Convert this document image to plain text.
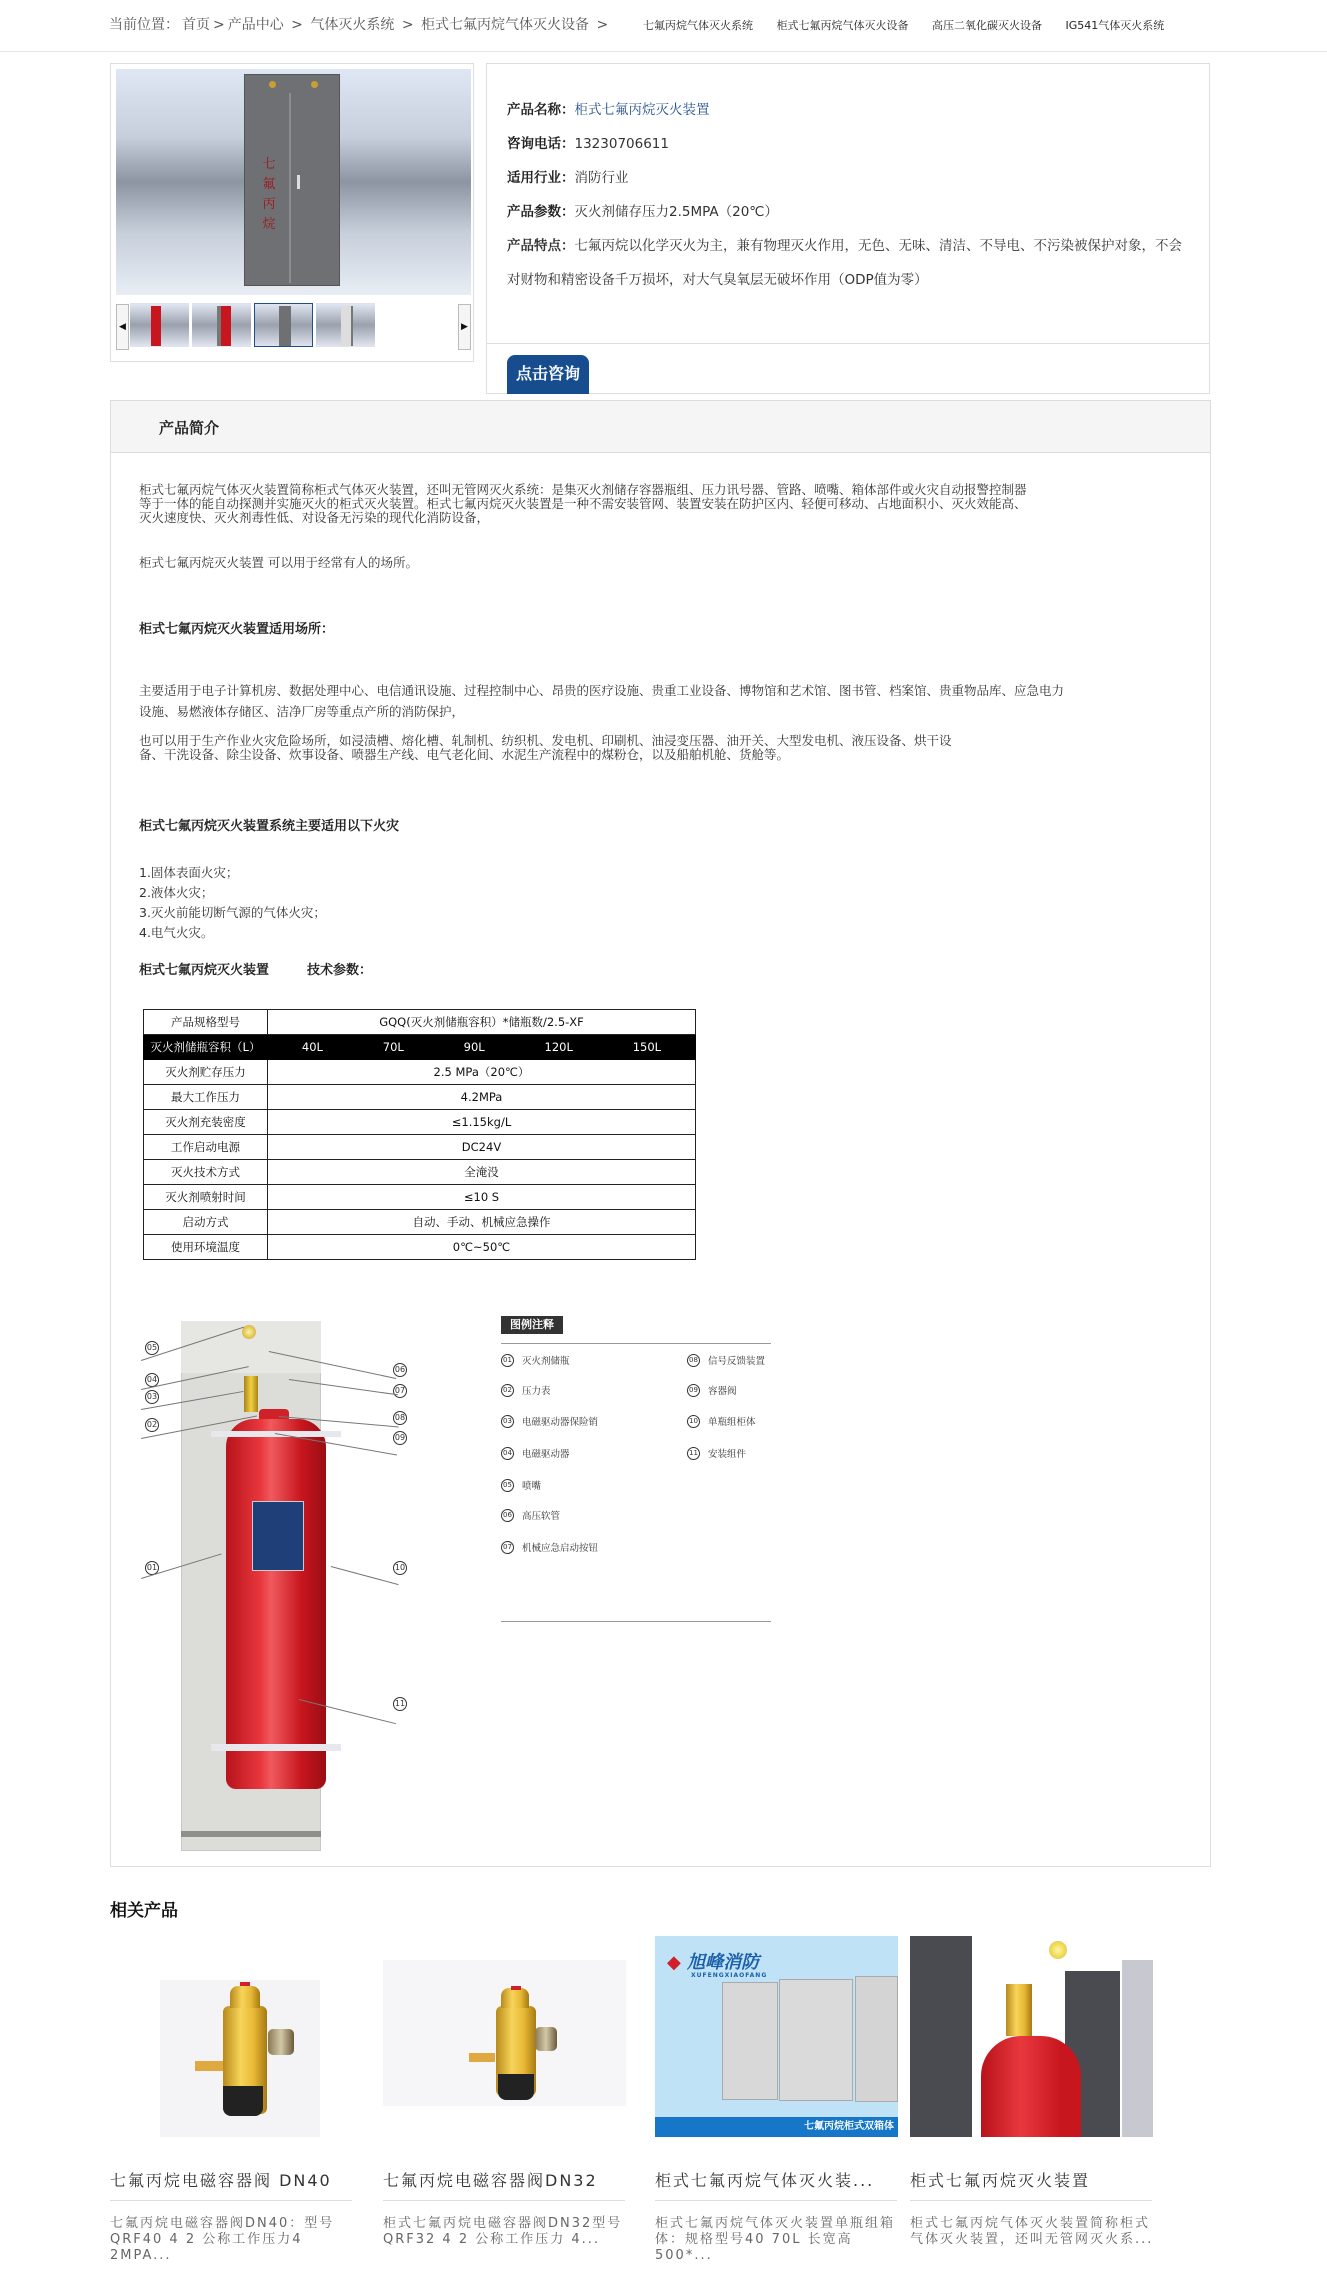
当前位置： 首页 > 产品中心 > 气体灭火系统 > 柜式七氟丙烷气体灭火设备 >	七氟丙烷气体灭火系统 柜式七氟丙烷气体灭火设备 高压二氧化碳灭火设备 IG541气体灭火系统
七
氟
丙
烷
◀	▶
产品名称：柜式七氟丙烷灭火装置
咨询电话：13230706611
适用行业：消防行业
产品参数：灭火剂储存压力2.5MPA（20℃）
产品特点：七氟丙烷以化学灭火为主，兼有物理灭火作用，无色、无味、清洁、不导电、不污染被保护对象，不会对财物和精密设备千万损坏，对大气臭氧层无破坏作用（ODP值为零）
点击咨询
产品简介
柜式七氟丙烷气体灭火装置简称柜式气体灭火装置，还叫无管网灭火系统：是集灭火剂储存容器瓶组、压力讯号器、管路、喷嘴、箱体部件或火灾自动报警控制器
等于一体的能自动探测并实施灭火的柜式灭火装置。柜式七氟丙烷灭火装置是一种不需安装管网、装置安装在防护区内、轻便可移动、占地面积小、灭火效能高、
灭火速度快、灭火剂毒性低、对设备无污染的现代化消防设备，
柜式七氟丙烷灭火装置 可以用于经常有人的场所。
柜式七氟丙烷灭火装置适用场所：
主要适用于电子计算机房、数据处理中心、电信通讯设施、过程控制中心、昂贵的医疗设施、贵重工业设备、博物馆和艺术馆、图书管、档案馆、贵重物品库、应急电力
设施、易燃液体存储区、洁净厂房等重点产所的消防保护，
也可以用于生产作业火灾危险场所，如浸渍槽、熔化槽、轧制机、纺织机、发电机、印刷机、油浸变压器、油开关、大型发电机、液压设备、烘干设
备、干洗设备、除尘设备、炊事设备、喷器生产线、电气老化间、水泥生产流程中的煤粉仓，以及船舶机舱、货舱等。
柜式七氟丙烷灭火装置系统主要适用以下火灾
1.固体表面火灾；
2.液体火灾；
3.灭火前能切断气源的气体火灾；
4.电气火灾。
柜式七氟丙烷灭火装置	技术参数：
产品规格型号	GQQ(灭火剂储瓶容积）*储瓶数/2.5-XF
灭火剂储瓶容积（L）	40L 70L 90L 120L 150L

灭火剂贮存压力	2.5 MPa（20℃）
最大工作压力	4.2MPa
灭火剂充装密度	≤1.15kg/L
工作启动电源	DC24V
灭火技术方式	全淹没
灭火剂喷射时间	≤10 S
启动方式	自动、手动、机械应急操作
使用环境温度	0℃~50℃
05
04
03
02
01
06
07
08
09
10
11
图例注释
01 灭火剂储瓶
02 压力表
03 电磁驱动器保险销
04 电磁驱动器
05 喷嘴
06 高压软管
07 机械应急启动按钮
08 信号反馈装置
09 容器阀
10 单瓶组柜体
11 安装组件
相关产品
七氟丙烷电磁容器阀 DN40
七氟丙烷电磁容器阀DN40：型号QRF40 4 2 公称工作压力4 2MPA...
七氟丙烷电磁容器阀DN32
柜式七氟丙烷电磁容器阀DN32型号QRF32 4 2 公称工作压力 4...
◆ 旭峰消防
XUFENGXIAOFANG
七氟丙烷柜式双箱体
柜式七氟丙烷气体灭火装...
柜式七氟丙烷气体灭火装置单瓶组箱体：规格型号40 70L 长宽高500*...
柜式七氟丙烷灭火装置
柜式七氟丙烷气体灭火装置简称柜式气体灭火装置，还叫无管网灭火系...
